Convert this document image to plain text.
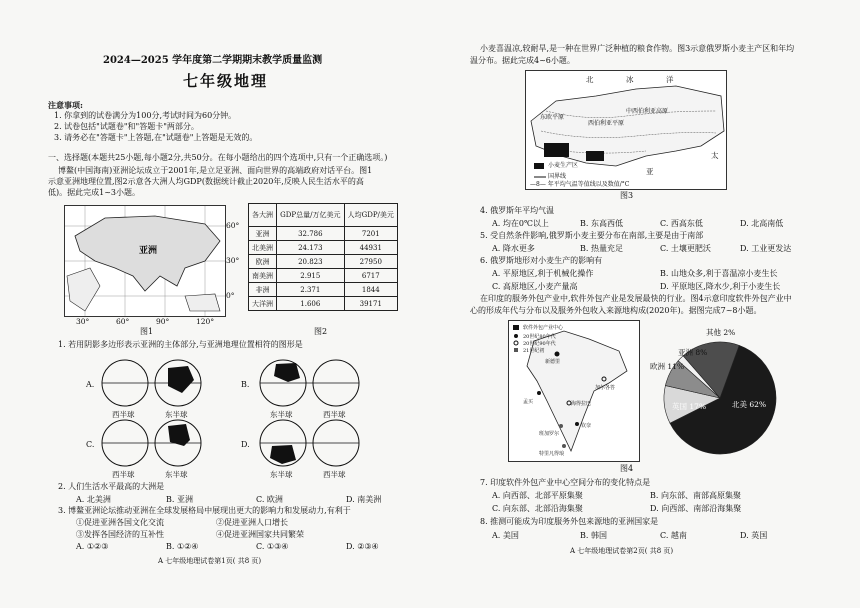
2024—2025 学年度第二学期期末教学质量监测
七年级地理
注意事项:
1. 你拿到的试卷满分为100分,考试时间为60分钟。
2. 试卷包括"试题卷"和"答题卡"两部分。
3. 请务必在"答题卡"上答题,在"试题卷"上答题是无效的。
一、选择题(本题共25小题,每小题2分,共50分。在每小题给出的四个选项中,只有一个正确选项。)
博鳌(中国海南)亚洲论坛成立于2001年,是立足亚洲、面向世界的高端政府对话平台。图1
示意亚洲地理位置,图2示意各大洲人均GDP(数据统计截止2020年,反映人民生活水平的高
低)。据此完成1~3小题。
亚洲
30°	60°	90°	120°
60°
30°
0°
图1
各大洲	GDP总量/万亿美元	人均GDP/美元
亚洲	32.786	7201
北美洲	24.173	44931
欧洲	20.823	27950
南美洲	2.915	6717
非洲	2.371	1844
大洋洲	1.606	39171
图2
1. 若用阴影多边形表示亚洲的主体部分,与亚洲地理位置相符的图形是
A.
西半球	东半球
B.
东半球	西半球
C.
西半球	东半球
D.
东半球	西半球
2. 人们生活水平最高的大洲是
A. 北美洲	B. 亚洲	C. 欧洲	D. 南美洲
3. 博鳌亚洲论坛推动亚洲在全球发展格局中展现出更大的影响力和发展动力,有利于
①促进亚洲各国文化交流	②促进亚洲人口增长
③发挥各国经济的互补性	④促进亚洲国家共同繁荣
A. ①②③	B. ①②④	C. ①③④	D. ②③④
A 七年级地理试卷第1页( 共8 页)
小麦喜温凉,较耐旱,是一种在世界广泛种植的粮食作物。图3示意俄罗斯小麦主产区和年均
温分布。据此完成4~6小题。
北	冰	洋
亚
太
西伯利亚平原
东欧平原
中西伯利亚高原
小麦生产区
国界线
—8— 年平均气温等值线以及数值/°C
图3
4. 俄罗斯年平均气温
A. 均在0℃以上	B. 东高西低	C. 西高东低	D. 北高南低
5. 受自然条件影响,俄罗斯小麦主要分布在南部,主要是由于南部
A. 降水更多	B. 热量充足	C. 土壤更肥沃	D. 工业更发达
6. 俄罗斯地形对小麦生产的影响有
A. 平原地区,利于机械化操作	B. 山地众多,利于喜温凉小麦生长
C. 高原地区,小麦产量高	D. 平原地区,降水少,利于小麦生长
在印度的服务外包产业中,软件外包产业是发展最快的行业。图4示意印度软件外包产业中
心的形成年代与分布以及服务外包收入来源地构成(2020年)。据图完成7~8小题。
软件外包产业中心
20世纪80年代
20世纪90年代
21世纪初
新德里
加尔各答
孟买	海得拉巴
班加罗尔
钦奈
特里凡得琅
其他 2%
亚洲 8%
欧洲 11%
北美 62%
英国 17%
图4
7. 印度软件外包产业中心空间分布的变化特点是
A. 向西部、北部平原集聚	B. 向东部、南部高原集聚
C. 向东部、北部沿海集聚	D. 向西部、南部沿海集聚
8. 推测可能成为印度服务外包来源地的亚洲国家是
A. 美国	B. 韩国	C. 越南	D. 英国
A 七年级地理试卷第2页( 共8 页)
